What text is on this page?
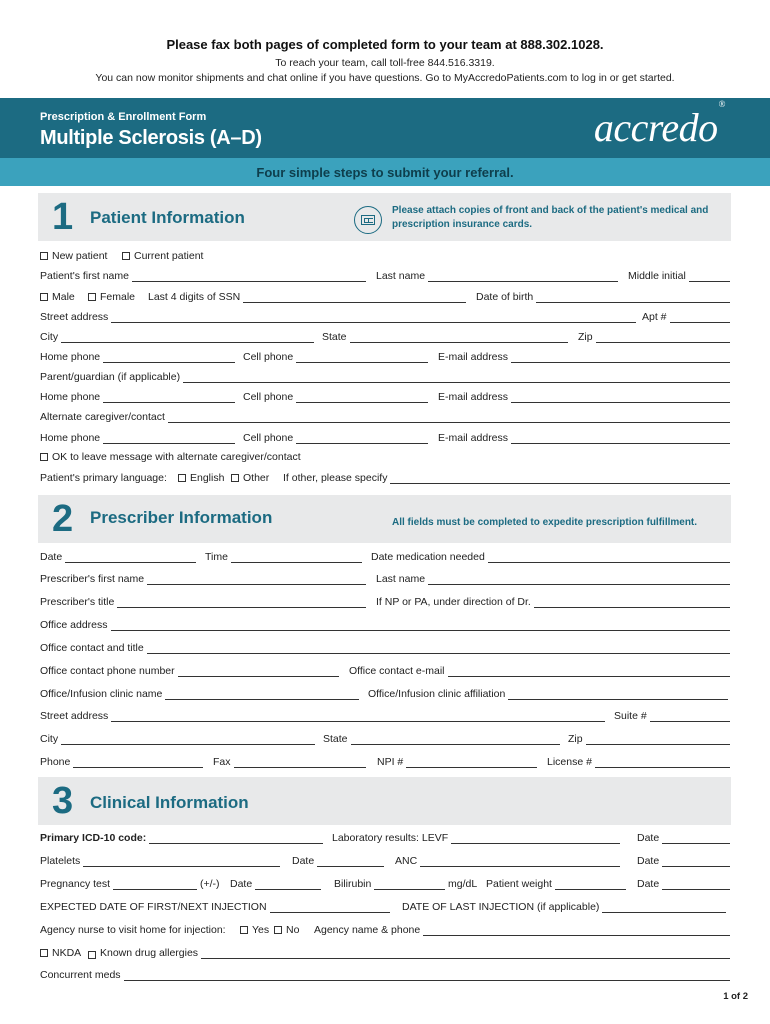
Please fax both pages of completed form to your team at 888.302.1028.
To reach your team, call toll-free 844.516.3319.
You can now monitor shipments and chat online if you have questions. Go to MyAccredoPatients.com to log in or get started.
Prescription & Enrollment Form
Multiple Sclerosis (A–D)	accredo®
Four simple steps to submit your referral.
1 Patient Information	Please attach copies of front and back of the patient's medical and prescription insurance cards.
New patient	Current patient
Patient's first name	Last name	Middle initial
Male	Female Last 4 digits of SSN	Date of birth
Street address	Apt #
City	State	Zip
Home phone	Cell phone	E-mail address
Parent/guardian (if applicable)
Home phone	Cell phone	E-mail address
Alternate caregiver/contact
Home phone	Cell phone	E-mail address
OK to leave message with alternate caregiver/contact
Patient's primary language:	English	Other If other, please specify
2 Prescriber Information	All fields must be completed to expedite prescription fulfillment.
Date	Time	Date medication needed
Prescriber's first name	Last name
Prescriber's title	If NP or PA, under direction of Dr.
Office address
Office contact and title
Office contact phone number	Office contact e-mail
Office/Infusion clinic name	Office/Infusion clinic affiliation
Street address	Suite #
City	State	Zip
Phone	Fax	NPI #	License #
3 Clinical Information
Primary ICD-10 code:	Laboratory results: LEVF	Date
Platelets	Date	ANC	Date
Pregnancy test	(+/-) Date	Bilirubin	mg/dL Patient weight	Date
EXPECTED DATE OF FIRST/NEXT INJECTION	DATE OF LAST INJECTION (if applicable)
Agency nurse to visit home for injection:	Yes	No Agency name & phone
NKDA Known drug allergies
Concurrent meds
1 of 2
